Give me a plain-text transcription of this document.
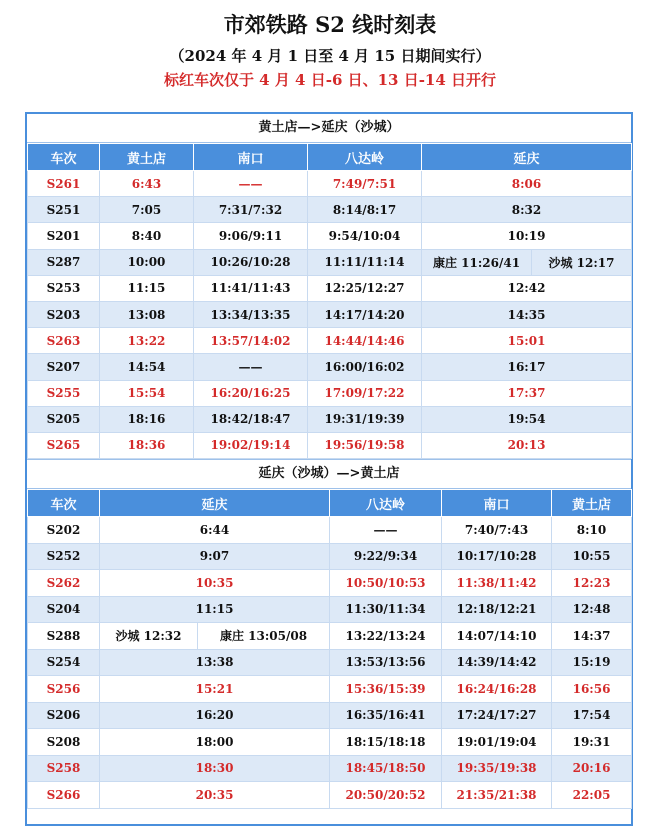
市郊铁路 S2 线时刻表
（2024 年 4 月 1 日至 4 月 15 日期间实行）
标红车次仅于 4 月 4 日-6 日、13 日-14 日开行
黄土店—>延庆（沙城）
车次	黄土店	南口	八达岭	延庆	
S261	6:43	——	7:49/7:51	8:06	
S251	7:05	7:31/7:32	8:14/8:17	8:32	
S201	8:40	9:06/9:11	9:54/10:04	10:19	
S287	10:00	10:26/10:28	11:11/11:14	康庄 11:26/41	沙城 12:17
S253	11:15	11:41/11:43	12:25/12:27	12:42	
S203	13:08	13:34/13:35	14:17/14:20	14:35	
S263	13:22	13:57/14:02	14:44/14:46	15:01	
S207	14:54	——	16:00/16:02	16:17	
S255	15:54	16:20/16:25	17:09/17:22	17:37	
S205	18:16	18:42/18:47	19:31/19:39	19:54	
S265	18:36	19:02/19:14	19:56/19:58	20:13	
延庆（沙城）—>黄土店
车次	延庆		八达岭	南口	黄土店
S202	6:44		——	7:40/7:43	8:10
S252	9:07		9:22/9:34	10:17/10:28	10:55
S262	10:35		10:50/10:53	11:38/11:42	12:23
S204	11:15		11:30/11:34	12:18/12:21	12:48
S288	沙城 12:32	康庄 13:05/08	13:22/13:24	14:07/14:10	14:37
S254	13:38		13:53/13:56	14:39/14:42	15:19
S256	15:21		15:36/15:39	16:24/16:28	16:56
S206	16:20		16:35/16:41	17:24/17:27	17:54
S208	18:00		18:15/18:18	19:01/19:04	19:31
S258	18:30		18:45/18:50	19:35/19:38	20:16
S266	20:35		20:50/20:52	21:35/21:38	22:05
